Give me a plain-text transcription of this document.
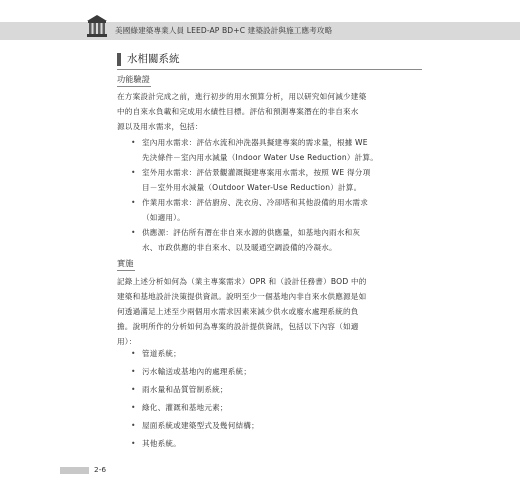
美國綠建築專業人員 LEED-AP BD+C 建築設計與施工應考攻略
水相關系統
功能驗證
在方案設計完成之前，進行初步的用水預算分析，用以研究如何減少建築
中的自來水負載和完成用水績性目標。評估和預測專案潛在的非自來水
源以及用水需求，包括：
• 室內用水需求：評估水流和沖洗器具擬建專案的需求量，根據 WE
先決條件－室內用水減量（Indoor Water Use Reduction）計算。
• 室外用水需求：評估景觀灌溉擬建專案用水需求，按照 WE 得分項
目－室外用水減量（Outdoor Water-Use Reduction）計算。
• 作業用水需求：評估廚房、洗衣房、冷卻塔和其他設備的用水需求
（如適用）。
• 供應源：評估所有潛在非自來水源的供應量，如基地內雨水和灰
水、市政供應的非自來水、以及暖通空調設備的冷凝水。
實施
記錄上述分析如何為（業主專案需求）OPR 和（設計任務書）BOD 中的
建築和基地設計決策提供資訊。說明至少一個基地內非自來水供應源是如
何透過滿足上述至少兩個用水需求因素來減少供水或廢水處理系統的負
擔。說明所作的分析如何為專案的設計提供資訊，包括以下內容（如適
用）：
• 管道系統；
• 污水輸送或基地內的處理系統；
• 雨水量和品質管制系統；
• 綠化、灌溉和基地元素；
• 屋面系統或建築型式及幾何結構；
• 其他系統。
2-6
